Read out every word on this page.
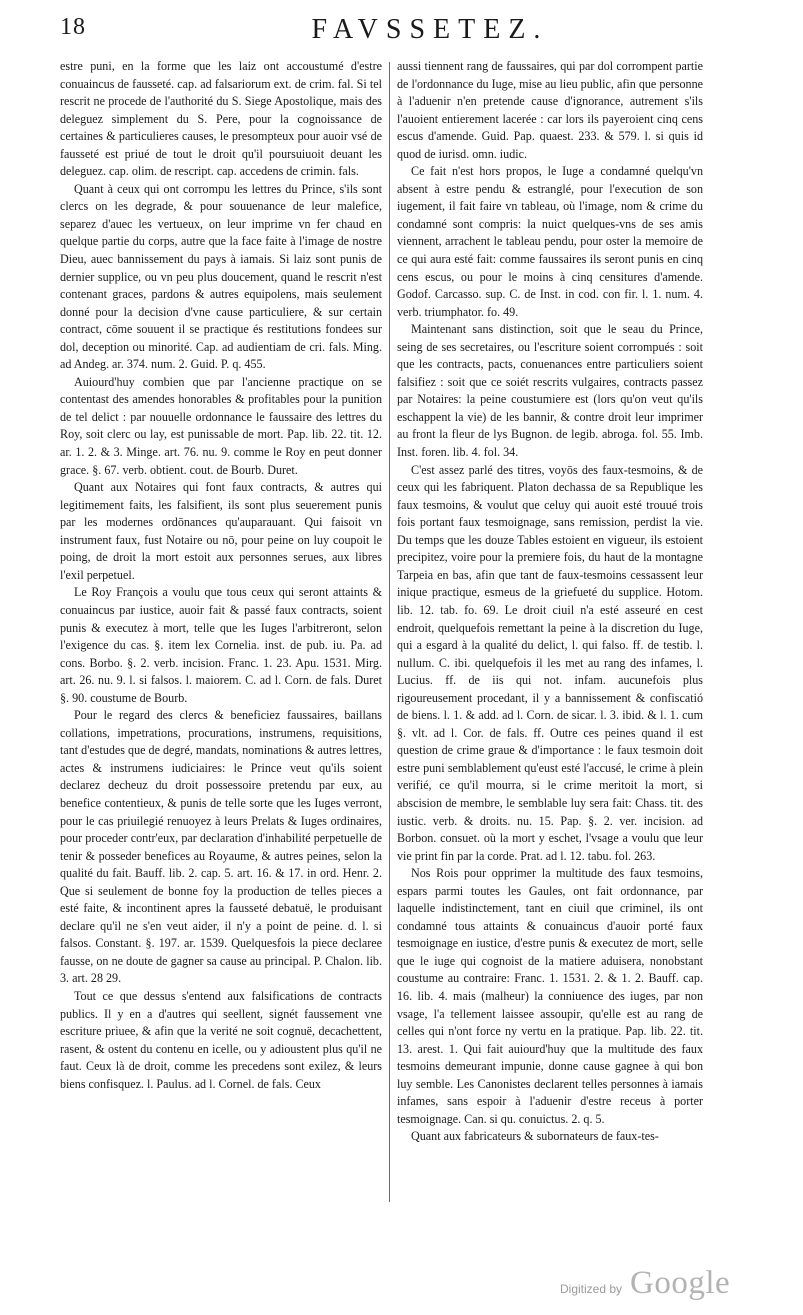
18	FAVSSETEZ.

estre puni, en la forme que les laiz ont accoustumé d'estre conuaincus de fausseté. cap. ad falsariorum ext. de crim. fal. Si tel rescrit ne procede de l'authorité du S. Siege Apostolique, mais des deleguez simplement du S. Pere, pour la cognoissance de certaines & particulieres causes, le presompteux pour auoir vsé de fausseté est priué de tout le droit qu'il poursuiuoit deuant les deleguez. cap. olim. de rescript. cap. accedens de crimin. fals.

Quant à ceux qui ont corrompu les lettres du Prince, s'ils sont clercs on les degrade, & pour souuenance de leur malefice, separez d'auec les vertueux, on leur imprime vn fer chaud en quelque partie du corps, autre que la face faite à l'image de nostre Dieu, auec bannissement du pays à iamais. Si laiz sont punis de dernier supplice, ou vn peu plus doucement, quand le rescrit n'est contenant graces, pardons & autres equipolens, mais seulement donné pour la decision d'vne cause particuliere, & sur certain contract, cōme souuent il se practique és restitutions fondees sur dol, deception ou minorité. Cap. ad audientiam de cri. fals. Ming. ad Andeg. ar. 374. num. 2. Guid. P. q. 455.

Auiourd'huy combien que par l'ancienne practique on se contentast des amendes honorables & profitables pour la punition de tel delict : par nouuelle ordonnance le faussaire des lettres du Roy, soit clerc ou lay, est punissable de mort. Pap. lib. 22. tit. 12. ar. 1. 2. & 3. Minge. art. 76. nu. 9. comme le Roy en peut donner grace. §. 67. verb. obtient. cout. de Bourb. Duret.

Quant aux Notaires qui font faux contracts, & autres qui legitimement faits, les falsifient, ils sont plus seuerement punis par les modernes ordōnances qu'auparauant. Qui faisoit vn instrument faux, fust Notaire ou nō, pour peine on luy coupoit le poing, de droit la mort estoit aux personnes serues, aux libres l'exil perpetuel.

Le Roy François a voulu que tous ceux qui seront attaints & conuaincus par iustice, auoir fait & passé faux contracts, soient punis & executez à mort, telle que les Iuges l'arbitreront, selon l'exigence du cas. §. item lex Cornelia. inst. de pub. iu. Pa. ad cons. Borbo. §. 2. verb. incision. Franc. 1. 23. Apu. 1531. Mirg. art. 26. nu. 9. l. si falsos. l. maiorem. C. ad l. Corn. de fals. Duret §. 90. coustume de Bourb.

Pour le regard des clercs & beneficiez faussaires, baillans collations, impetrations, procurations, instrumens, requisitions, tant d'estudes que de degré, mandats, nominations & autres lettres, actes & instrumens iudiciaires: le Prince veut qu'ils soient declarez decheuz du droit possessoire pretendu par eux, au benefice contentieux, & punis de telle sorte que les Iuges verront, pour le cas priuilegié renuoyez à leurs Prelats & Iuges ordinaires, pour proceder contr'eux, par declaration d'inhabilité perpetuelle de tenir & posseder benefices au Royaume, & autres peines, selon la qualité du fait. Bauff. lib. 2. cap. 5. art. 16. & 17. in ord. Henr. 2. Que si seulement de bonne foy la production de telles pieces a esté faite, & incontinent apres la fausseté debatuë, le produisant declare qu'il ne s'en veut aider, il n'y a point de peine. d. l. si falsos. Constant. §. 197. ar. 1539. Quelquesfois la piece declaree fausse, on ne doute de gagner sa cause au principal. P. Chalon. lib. 3. art. 28 29.

Tout ce que dessus s'entend aux falsifications de contracts publics. Il y en a d'autres qui seellent, signét faussement vne escriture priuee, & afin que la verité ne soit cognuë, decachettent, rasent, & ostent du contenu en icelle, ou y adioustent plus qu'il ne faut. Ceux là de droit, comme les precedens sont exilez, & leurs biens confisquez. l. Paulus. ad l. Cornel. de fals. Ceux

aussi tiennent rang de faussaires, qui par dol corrompent partie de l'ordonnance du Iuge, mise au lieu public, afin que personne à l'aduenir n'en pretende cause d'ignorance, autrement s'ils l'auoient entierement lacerée : car lors ils payeroient cinq cens escus d'amende. Guid. Pap. quaest. 233. & 579. l. si quis id quod de iurisd. omn. iudic.

Ce fait n'est hors propos, le Iuge a condamné quelqu'vn absent à estre pendu & estranglé, pour l'execution de son iugement, il fait faire vn tableau, où l'image, nom & crime du condamné sont compris: la nuict quelques-vns de ses amis viennent, arrachent le tableau pendu, pour oster la memoire de ce qui aura esté fait: comme faussaires ils seront punis en cinq cens escus, ou pour le moins à cinq censitures d'amende. Godof. Carcasso. sup. C. de Inst. in cod. con fir. l. 1. num. 4. verb. triumphator. fo. 49.

Maintenant sans distinction, soit que le seau du Prince, seing de ses secretaires, ou l'escriture soient corrompués : soit que les contracts, pacts, conuenances entre particuliers soient falsifiez : soit que ce soiét rescrits vulgaires, contracts passez par Notaires: la peine coustumiere est (lors qu'on veut qu'ils eschappent la vie) de les bannir, & contre droit leur imprimer au front la fleur de lys Bugnon. de legib. abroga. fol. 55. Imb. Inst. foren. lib. 4. fol. 34.

C'est assez parlé des titres, voyōs des faux-tesmoins, & de ceux qui les fabriquent. Platon dechassa de sa Republique les faux tesmoins, & voulut que celuy qui auoit esté trouué trois fois portant faux tesmoignage, sans remission, perdist la vie. Du temps que les douze Tables estoient en vigueur, ils estoient precipitez, voire pour la premiere fois, du haut de la montagne Tarpeia en bas, afin que tant de faux-tesmoins cessassent leur inique practique, esmeus de la griefueté du supplice. Hotom. lib. 12. tab. fo. 69. Le droit ciuil n'a esté asseuré en cest endroit, quelquefois remettant la peine à la discretion du Iuge, qui a esgard à la qualité du delict, l. qui falso. ff. de testib. l. nullum. C. ibi. quelquefois il les met au rang des infames, l. Lucius. ff. de iis qui not. infam. aucunefois plus rigoureusement procedant, il y a bannissement & confiscatió de biens. l. 1. & add. ad l. Corn. de sicar. l. 3. ibid. & l. 1. cum §. vlt. ad l. Cor. de fals. ff. Outre ces peines quand il est question de crime graue & d'importance : le faux tesmoin doit estre puni semblablement qu'eust esté l'accusé, le crime à plein verifié, ce qu'il mourra, si le crime meritoit la mort, si abscision de membre, le semblable luy sera fait: Chass. tit. des iustic. verb. & droits. nu. 15. Pap. §. 2. ver. incision. ad Borbon. consuet. où la mort y eschet, l'vsage a voulu que leur vie print fin par la corde. Prat. ad l. 12. tabu. fol. 263.

Nos Rois pour opprimer la multitude des faux tesmoins, espars parmi toutes les Gaules, ont fait ordonnance, par laquelle indistinctement, tant en ciuil que criminel, ils ont condamné tous attaints & conuaincus d'auoir porté faux tesmoignage en iustice, d'estre punis & executez de mort, selle que le iuge qui cognoist de la matiere aduisera, nonobstant coustume au contraire: Franc. 1. 1531. 2. & 1. 2. Bauff. cap. 16. lib. 4. mais (malheur) la conniuence des iuges, par non vsage, l'a tellement laissee assoupir, qu'elle est au rang de celles qui n'ont force ny vertu en la pratique. Pap. lib. 22. tit. 13. arest. 1. Qui fait auiourd'huy que la multitude des faux tesmoins demeurant impunie, donne cause gagnee à qui bon luy semble. Les Canonistes declarent telles personnes à iamais infames, sans espoir à l'aduenir d'estre receus à porter tesmoignage. Can. si qu. conuictus. 2. q. 5.

Quant aux fabricateurs & subornateurs de faux-tes-

Digitized by Google
